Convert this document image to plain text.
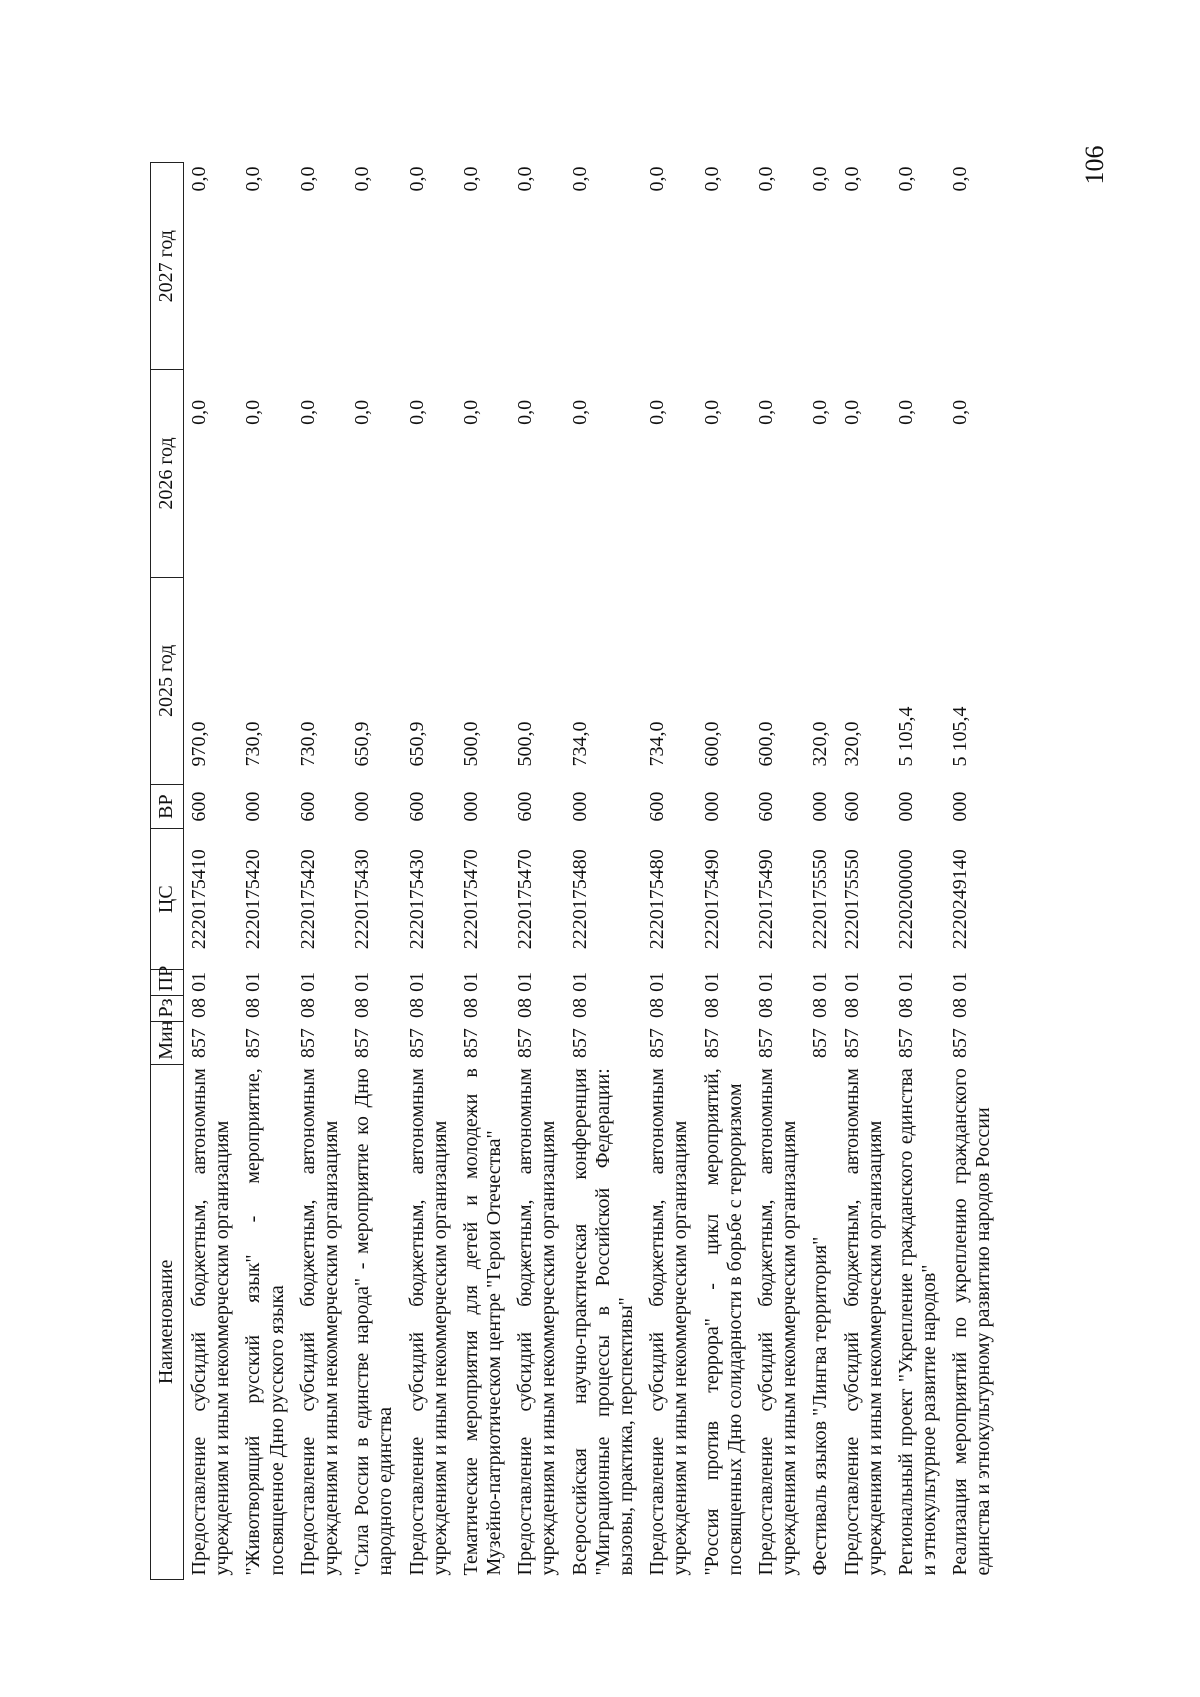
106
Наименование	Мин	Рз	ПР	ЦС	ВР	2025 год	2026 год	2027 год
Предоставление субсидий бюджетным, автономным учреждениям и иным некоммерческим организациям	857	08	01	2220175410	600	970,0	0,0	0,0
"Животворящий русский язык" - мероприятие, посвященное Дню русского языка	857	08	01	2220175420	000	730,0	0,0	0,0
Предоставление субсидий бюджетным, автономным учреждениям и иным некоммерческим организациям	857	08	01	2220175420	600	730,0	0,0	0,0
"Сила России в единстве народа" - мероприятие ко Дню народного единства	857	08	01	2220175430	000	650,9	0,0	0,0
Предоставление субсидий бюджетным, автономным учреждениям и иным некоммерческим организациям	857	08	01	2220175430	600	650,9	0,0	0,0
Тематические мероприятия для детей и молодежи в Музейно-патриотическом центре "Герои Отечества"	857	08	01	2220175470	000	500,0	0,0	0,0
Предоставление субсидий бюджетным, автономным учреждениям и иным некоммерческим организациям	857	08	01	2220175470	600	500,0	0,0	0,0
Всероссийская научно-практическая конференция "Миграционные процессы в Российской Федерации: вызовы, практика, перспективы"	857	08	01	2220175480	000	734,0	0,0	0,0
Предоставление субсидий бюджетным, автономным учреждениям и иным некоммерческим организациям	857	08	01	2220175480	600	734,0	0,0	0,0
"Россия против террора" - цикл мероприятий, посвященных Дню солидарности в борьбе с терроризмом	857	08	01	2220175490	000	600,0	0,0	0,0
Предоставление субсидий бюджетным, автономным учреждениям и иным некоммерческим организациям	857	08	01	2220175490	600	600,0	0,0	0,0
Фестиваль языков "Лингва территория"	857	08	01	2220175550	000	320,0	0,0	0,0
Предоставление субсидий бюджетным, автономным учреждениям и иным некоммерческим организациям	857	08	01	2220175550	600	320,0	0,0	0,0
Региональный проект "Укрепление гражданского единства и этнокультурное развитие народов"	857	08	01	2220200000	000	5 105,4	0,0	0,0
Реализация мероприятий по укреплению гражданского единства и этнокультурному развитию народов России	857	08	01	2220249140	000	5 105,4	0,0	0,0
